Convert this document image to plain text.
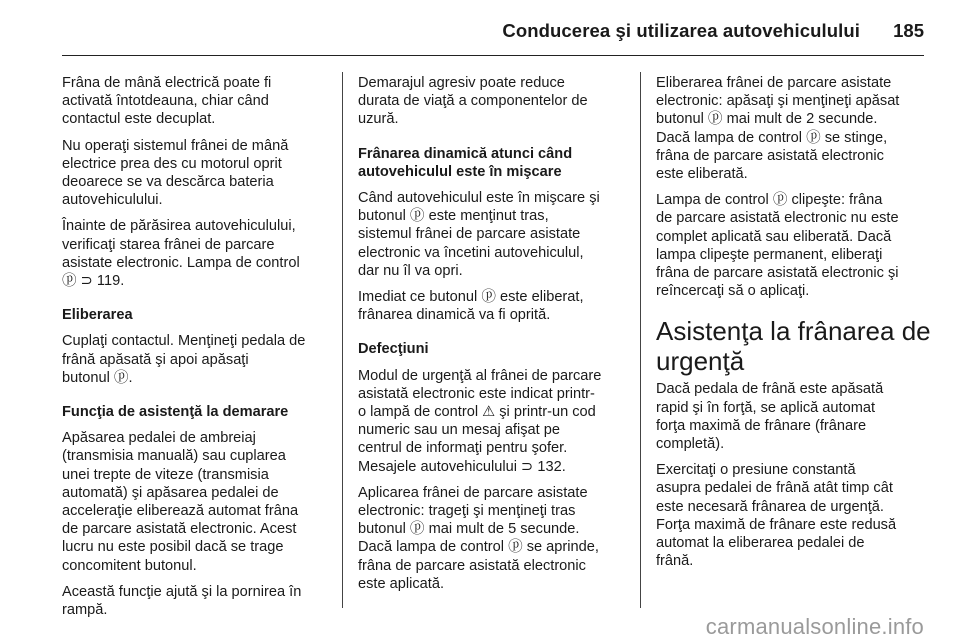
Conducerea şi utilizarea autovehiculului 185
Frâna de mână electrică poate fi
activată întotdeauna, chiar când
contactul este decuplat.
Nu operaţi sistemul frânei de mână
electrice prea des cu motorul oprit
deoarece se va descărca bateria
autovehiculului.
Înainte de părăsirea autovehiculului,
verificaţi starea frânei de parcare
asistate electronic. Lampa de control
ⓟ ⊃ 119.
Eliberarea
Cuplaţi contactul. Menţineţi pedala de
frână apăsată şi apoi apăsaţi
butonul ⓟ.
Funcţia de asistenţă la demarare
Apăsarea pedalei de ambreiaj
(transmisia manuală) sau cuplarea
unei trepte de viteze (transmisia
automată) şi apăsarea pedalei de
acceleraţie eliberează automat frâna
de parcare asistată electronic. Acest
lucru nu este posibil dacă se trage
concomitent butonul.
Această funcţie ajută şi la pornirea în
rampă.
Demarajul agresiv poate reduce
durata de viaţă a componentelor de
uzură.
Frânarea dinamică atunci când
autovehiculul este în mişcare
Când autovehiculul este în mişcare şi
butonul ⓟ este menţinut tras,
sistemul frânei de parcare asistate
electronic va încetini autovehiculul,
dar nu îl va opri.
Imediat ce butonul ⓟ este eliberat,
frânarea dinamică va fi oprită.
Defecţiuni
Modul de urgenţă al frânei de parcare
asistată electronic este indicat printr-
o lampă de control ⚠ şi printr-un cod
numeric sau un mesaj afişat pe
centrul de informaţi pentru şofer.
Mesajele autovehiculului ⊃ 132.
Aplicarea frânei de parcare asistate
electronic: trageţi şi menţineţi tras
butonul ⓟ mai mult de 5 secunde.
Dacă lampa de control ⓟ se aprinde,
frâna de parcare asistată electronic
este aplicată.
Eliberarea frânei de parcare asistate
electronic: apăsaţi şi menţineţi apăsat
butonul ⓟ mai mult de 2 secunde.
Dacă lampa de control ⓟ se stinge,
frâna de parcare asistată electronic
este eliberată.
Lampa de control ⓟ clipeşte: frâna
de parcare asistată electronic nu este
complet aplicată sau eliberată. Dacă
lampa clipeşte permanent, eliberaţi
frâna de parcare asistată electronic şi
reîncercaţi să o aplicaţi.
Asistenţa la frânarea de
urgenţă
Dacă pedala de frână este apăsată
rapid şi în forţă, se aplică automat
forţa maximă de frânare (frânare
completă).
Exercitaţi o presiune constantă
asupra pedalei de frână atât timp cât
este necesară frânarea de urgenţă.
Forţa maximă de frânare este redusă
automat la eliberarea pedalei de
frână.
carmanualsonline.info
